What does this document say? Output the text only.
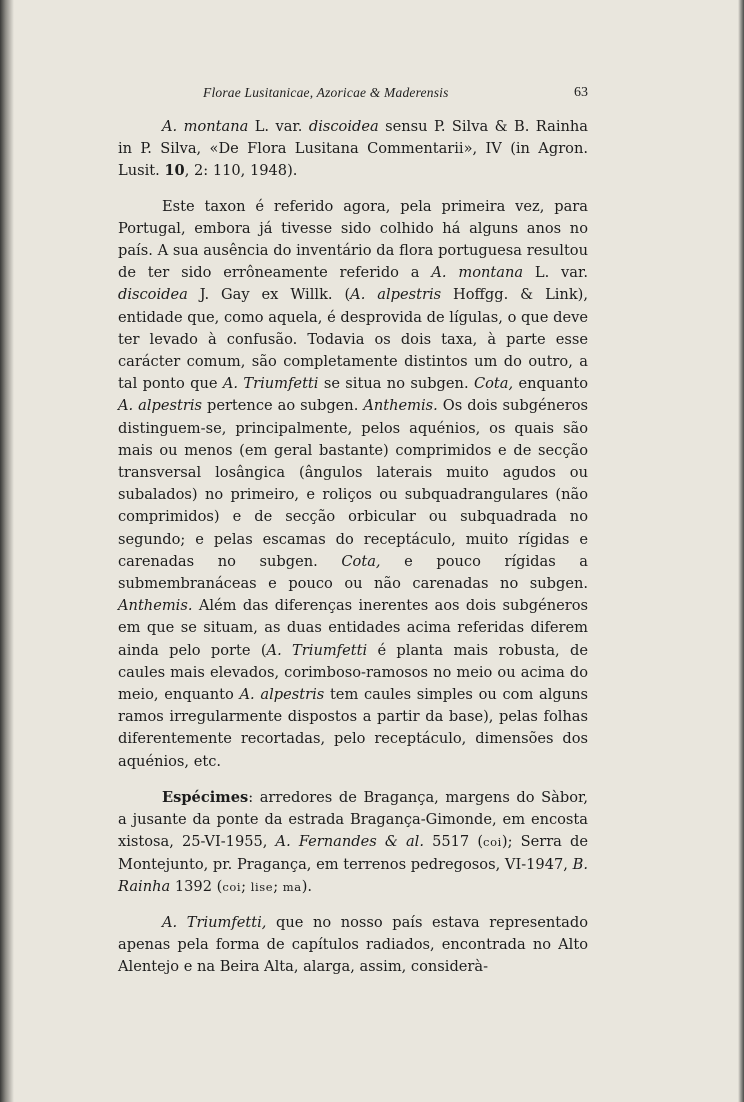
Florae Lusitanicae, Azoricae & Maderensis	63

A. montana L. var. discoidea sensu P. Silva & B. Rainha in P. Silva, «De Flora Lusitana Commentarii», IV (in Agron. Lusit. 10, 2: 110, 1948).

Este taxon é referido agora, pela primeira vez, para Portugal, embora já tivesse sido colhido há alguns anos no país. A sua ausência do inventário da flora portuguesa resultou de ter sido errôneamente referido a A. montana L. var. discoidea J. Gay ex Willk. (A. alpestris Hoffgg. & Link), entidade que, como aquela, é desprovida de lígulas, o que deve ter levado à confusão. Todavia os dois taxa, à parte esse carácter comum, são completamente distintos um do outro, a tal ponto que A. Triumfetti se situa no subgen. Cota, enquanto A. alpestris pertence ao subgen. Anthemis. Os dois subgéneros distinguem-se, principalmente, pelos aquénios, os quais são mais ou menos (em geral bastante) comprimidos e de secção transversal losângica (ângulos laterais muito agudos ou subalados) no primeiro, e roliços ou subquadrangulares (não comprimidos) e de secção orbicular ou subquadrada no segundo; e pelas escamas do receptáculo, muito rígidas e carenadas no subgen. Cota, e pouco rígidas a submembranáceas e pouco ou não carenadas no subgen. Anthemis. Além das diferenças inerentes aos dois subgéneros em que se situam, as duas entidades acima referidas diferem ainda pelo porte (A. Triumfetti é planta mais robusta, de caules mais elevados, corimboso-ramosos no meio ou acima do meio, enquanto A. alpestris tem caules simples ou com alguns ramos irregularmente dispostos a partir da base), pelas folhas diferentemente recortadas, pelo receptáculo, dimensões dos aquénios, etc.

Espécimes: arredores de Bragança, margens do Sàbor, a jusante da ponte da estrada Bragança-Gimonde, em encosta xistosa, 25-VI-1955, A. Fernandes & al. 5517 (coi); Serra de Montejunto, pr. Pragança, em terrenos pedregosos, VI-1947, B. Rainha 1392 (coi; lise; ma).

A. Triumfetti, que no nosso país estava representado apenas pela forma de capítulos radiados, encontrada no Alto Alentejo e na Beira Alta, alarga, assim, considerà-
